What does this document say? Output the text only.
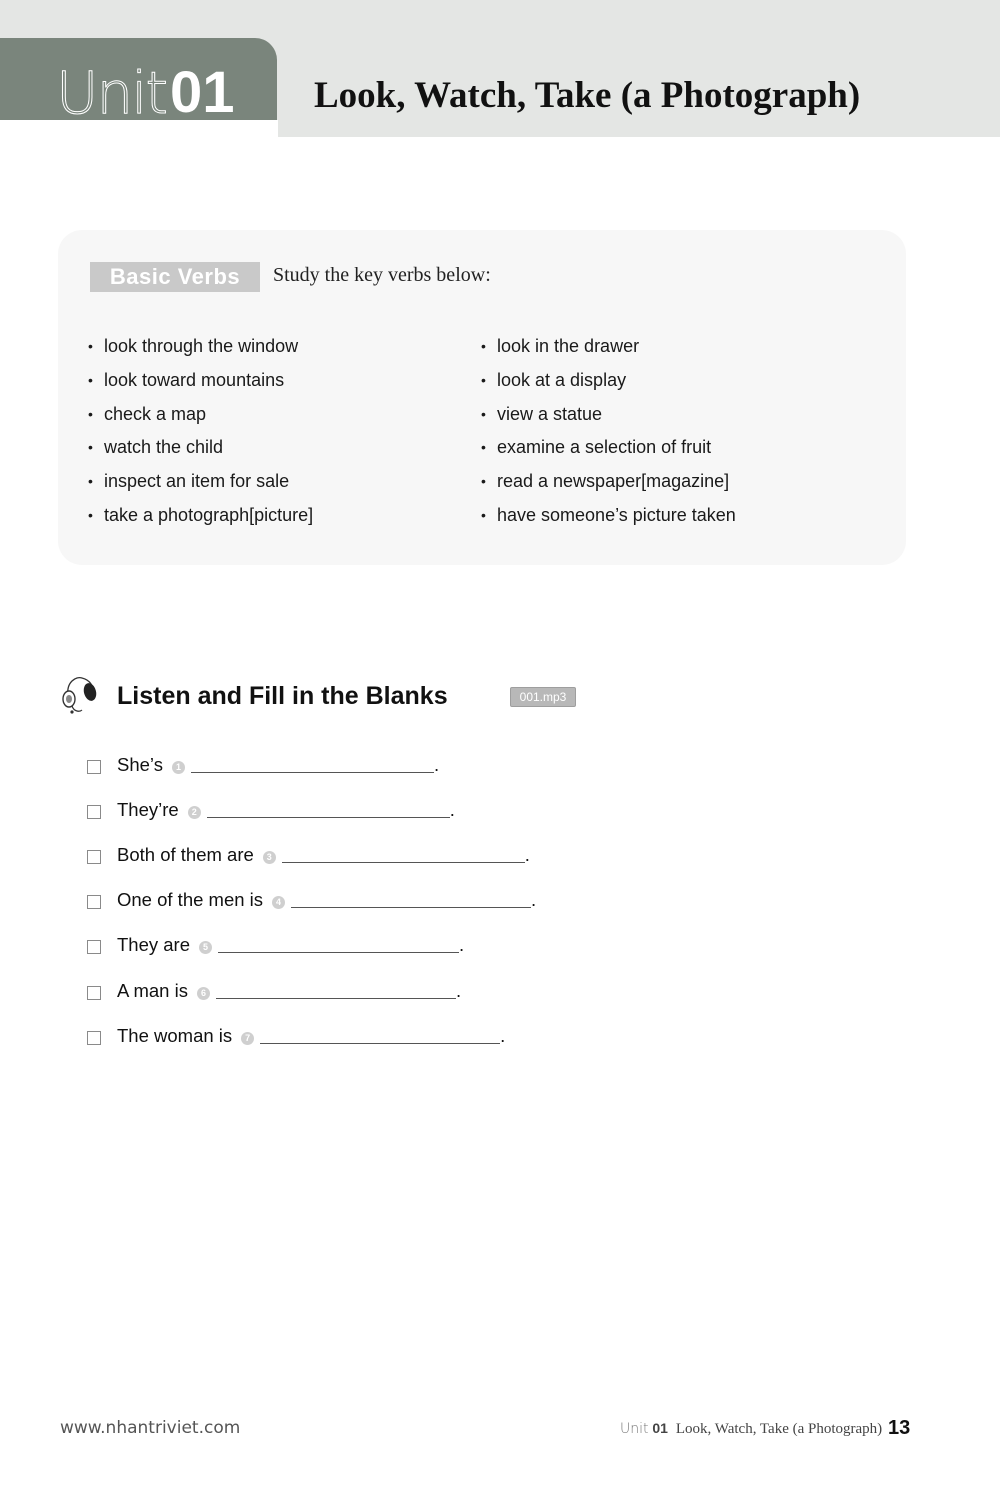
Unit 01 Look, Watch, Take (a Photograph)
Basic Verbs	Study the key verbs below:
• look through the window
• look toward mountains
• check a map
• watch the child
• inspect an item for sale
• take a photograph[picture]
• look in the drawer
• look at a display
• view a statue
• examine a selection of fruit
• read a newspaper[magazine]
• have someone’s picture taken
Listen and Fill in the Blanks	001.mp3
She’s 1	.
They’re 2	.
Both of them are 3	.
One of the men is 4	.
They are 5	.
A man is 6	.
The woman is 7	.
www.nhantriviet.com	Unit 01 Look, Watch, Take (a Photograph) 13
